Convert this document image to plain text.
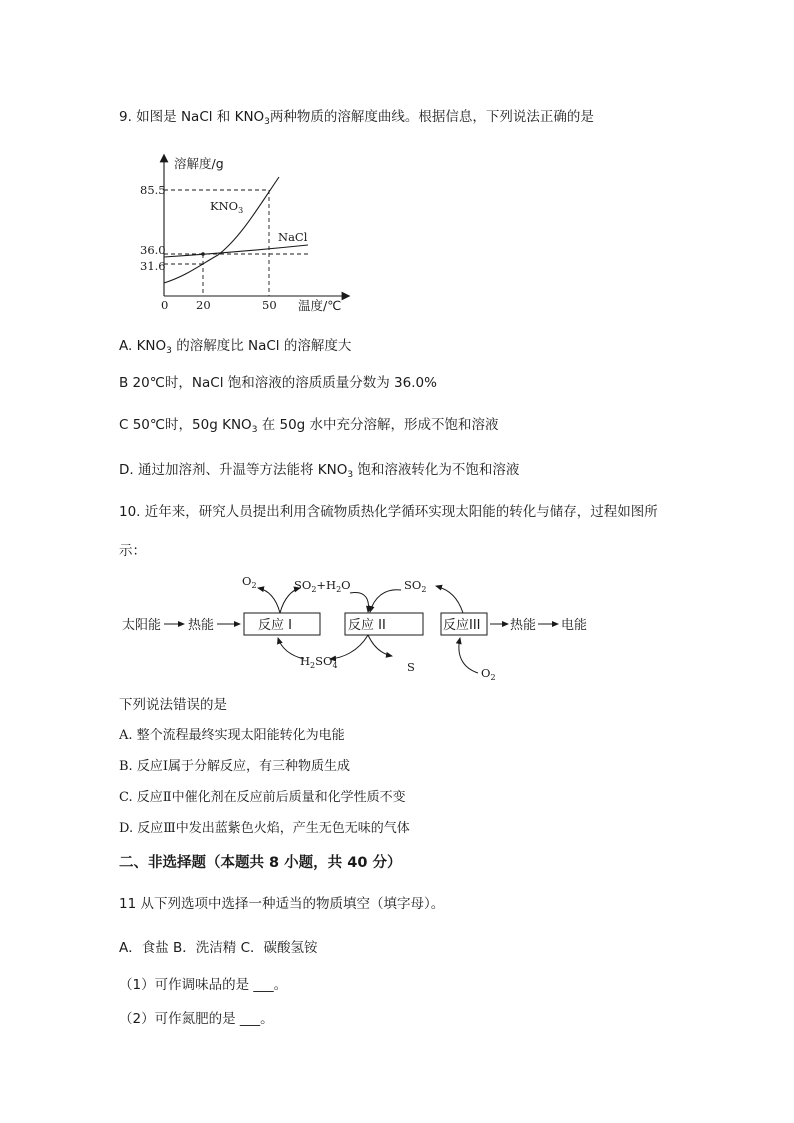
9. 如图是 NaCl 和 $KNO_3$两种物质的溶解度曲线。根据信息，下列说法正确的是
溶解度/g
温度/℃
85.5
36.0
31.6
0 20	50
$KNO_3$
NaCl
A. $KNO_3$ 的溶解度比 NaCl 的溶解度大
B 20℃时，NaCl 饱和溶液的溶质质量分数为 36.0%
C 50℃时，50g $KNO_3$ 在 50g 水中充分溶解，形成不饱和溶液
D. 通过加溶剂、升温等方法能将 $KNO_3$ 饱和溶液转化为不饱和溶液
10. 近年来，研究人员提出利用含硫物质热化学循环实现太阳能的转化与储存，过程如图所
示：
太阳能 热能	反应 I	反应 II	反应III 热能 电能
$O_2$	$SO_2+H_2O$	$SO_2$
$H_2SO_4$	S	$O_2$
下列说法错误的是
A. 整个流程最终实现太阳能转化为电能
B. 反应Ⅰ属于分解反应，有三种物质生成
C. 反应Ⅱ中催化剂在反应前后质量和化学性质不变
D. 反应Ⅲ中发出蓝紫色火焰，产生无色无味的气体
二、非选择题（本题共 8 小题，共 40 分）
11 从下列选项中选择一种适当的物质填空（填字母）。
A．食盐 B．洗洁精 C．碳酸氢铵
（1）可作调味品的是 ___。
（2）可作氮肥的是 ___。
